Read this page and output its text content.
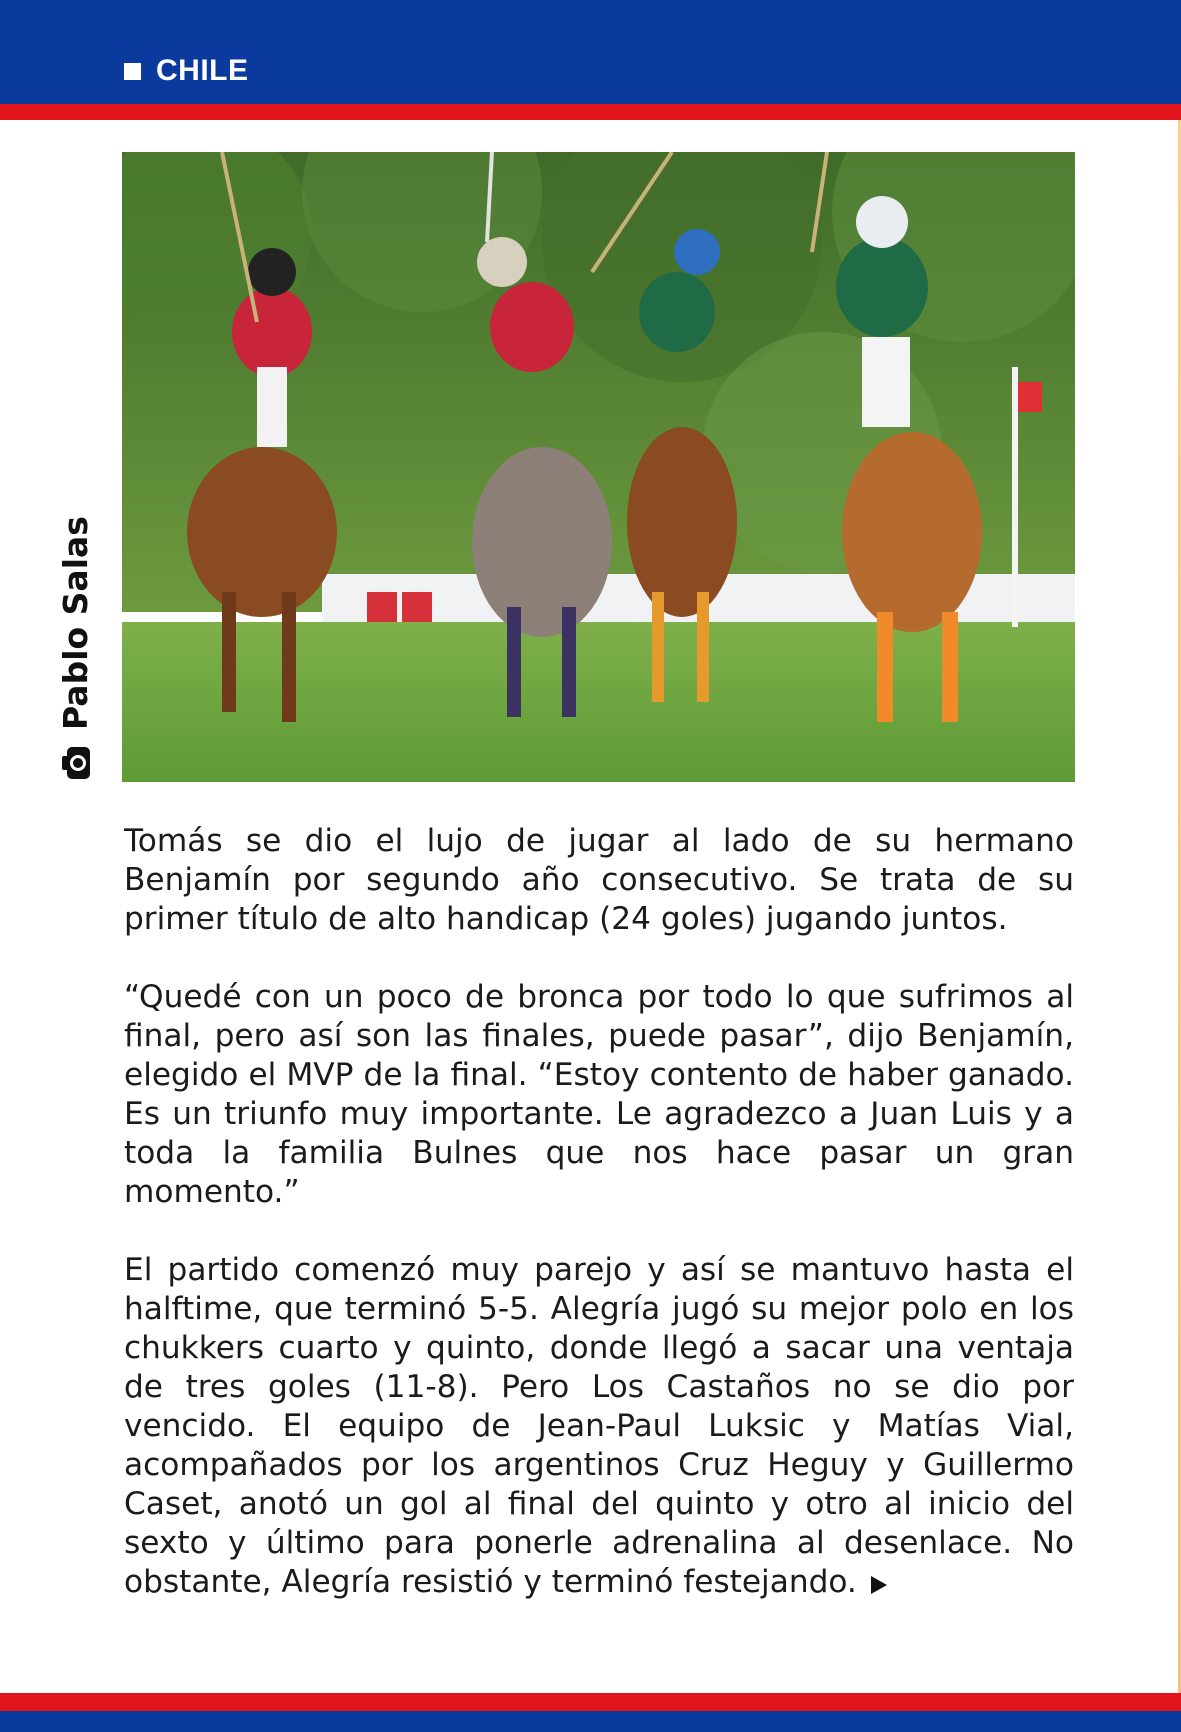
CHILE
Pablo Salas

Tomás se dio el lujo de jugar al lado de su hermano Benjamín por segundo año consecutivo. Se trata de su primer título de alto handicap (24 goles) jugando juntos.

“Quedé con un poco de bronca por todo lo que sufrimos al final, pero así son las finales, puede pasar”, dijo Benjamín, elegido el MVP de la final. “Estoy contento de haber ganado. Es un triunfo muy importante. Le agradezco a Juan Luis y a toda la familia Bulnes que nos hace pasar un gran momento.”

El partido comenzó muy parejo y así se mantuvo hasta el halftime, que terminó 5-5. Alegría jugó su mejor polo en los chukkers cuarto y quinto, donde llegó a sacar una ventaja de tres goles (11-8). Pero Los Castaños no se dio por vencido. El equipo de Jean-Paul Luksic y Matías Vial, acompañados por los argentinos Cruz Heguy y Guillermo Caset, anotó un gol al final del quinto y otro al inicio del sexto y último para ponerle adrenalina al desenlace. No obstante, Alegría resistió y terminó festejando.
